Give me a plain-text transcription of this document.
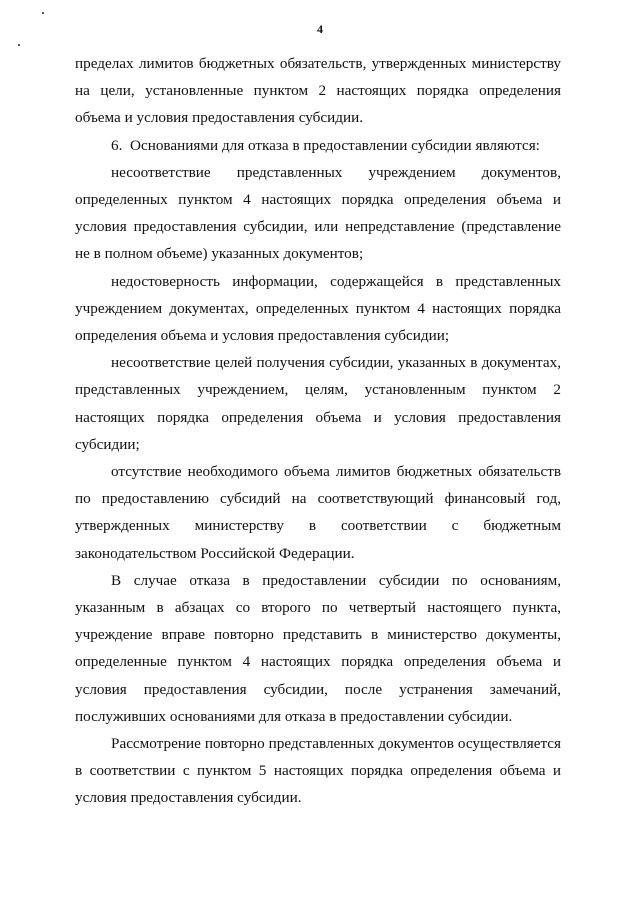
4

пределах лимитов бюджетных обязательств, утвержденных министерству на цели, установленные пунктом 2 настоящих порядка определения объема и условия предоставления субсидии.

6.  Основаниями для отказа в предоставлении субсидии являются:

несоответствие представленных учреждением документов, определенных пунктом 4 настоящих порядка определения объема и условия предоставления субсидии, или непредставление (представление не в полном объеме) указанных документов;

недостоверность информации, содержащейся в представленных учреждением документах, определенных пунктом 4 настоящих порядка определения объема и условия предоставления субсидии;

несоответствие целей получения субсидии, указанных в документах, представленных учреждением, целям, установленным пунктом 2 настоящих порядка определения объема и условия предоставления субсидии;

отсутствие необходимого объема лимитов бюджетных обязательств по предоставлению субсидий на соответствующий финансовый год, утвержденных министерству в соответствии с бюджетным законодательством Российской Федерации.

В случае отказа в предоставлении субсидии по основаниям, указанным в абзацах со второго по четвертый настоящего пункта, учреждение вправе повторно представить в министерство документы, определенные пунктом 4 настоящих порядка определения объема и условия предоставления субсидии, после устранения замечаний, послуживших основаниями для отказа в предоставлении субсидии.

Рассмотрение повторно представленных документов осуществляется в соответствии с пунктом 5 настоящих порядка определения объема и условия предоставления субсидии.
